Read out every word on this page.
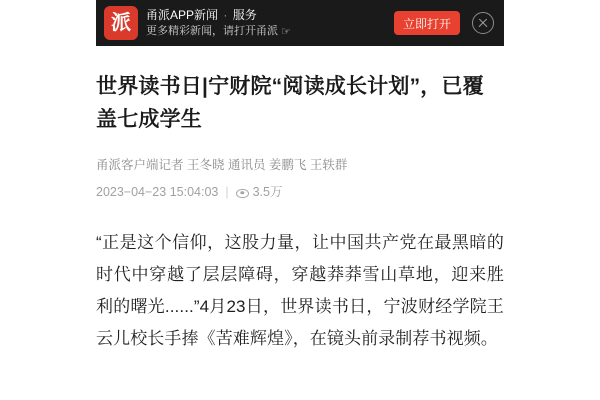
派	甬派APP新闻 · 服务
更多精彩新闻，请打开甬派 ☞
立即打开
世界读书日|宁财院“阅读成长计划”，已覆盖七成学生
甬派客户端记者 王冬晓 通讯员 姜鹏飞 王轶群
2023−04−23 15:04:03 | 3.5万

“正是这个信仰，这股力量，让中国共产党在最黑暗的时代中穿越了层层障碍，穿越莽莽雪山草地，迎来胜利的曙光......”4月23日，世界读书日，宁波财经学院王云儿校长手捧《苦难辉煌》，在镜头前录制荐书视频。
